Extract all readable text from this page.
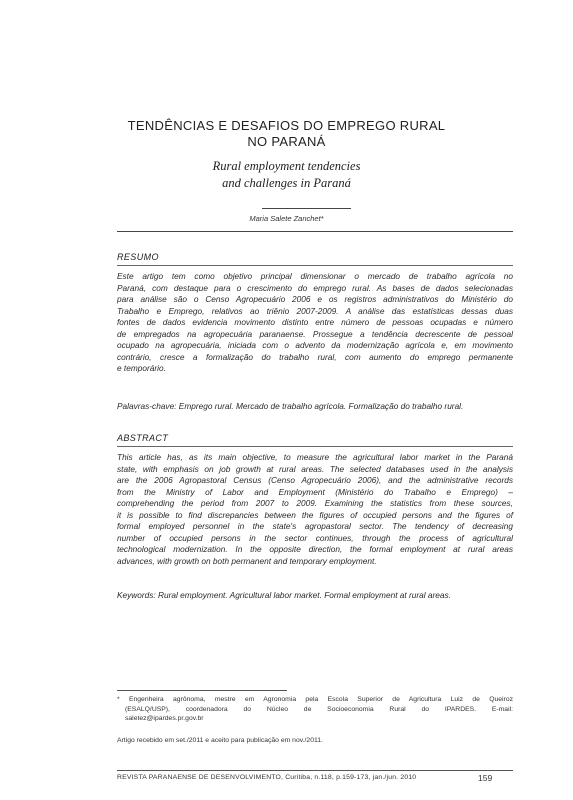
TENDÊNCIAS E DESAFIOS DO EMPREGO RURAL
NO PARANÁ
Rural employment tendencies
and challenges in Paraná
Maria Salete Zanchet*
RESUMO
Este artigo tem como objetivo principal dimensionar o mercado de trabalho agrícola no
Paraná, com destaque para o crescimento do emprego rural. As bases de dados selecionadas
para análise são o Censo Agropecuário 2006 e os registros administrativos do Ministério do
Trabalho e Emprego, relativos ao triênio 2007-2009. A análise das estatísticas dessas duas
fontes de dados evidencia movimento distinto entre número de pessoas ocupadas e número
de empregados na agropecuária paranaense. Prossegue a tendência decrescente de pessoal
ocupado na agropecuária, iniciada com o advento da modernização agrícola e, em movimento
contrário, cresce a formalização do trabalho rural, com aumento do emprego permanente
e temporário.
Palavras-chave: Emprego rural. Mercado de trabalho agrícola. Formalização do trabalho rural.
ABSTRACT
This article has, as its main objective, to measure the agricultural labor market in the Paraná
state, with emphasis on job growth at rural areas. The selected databases used in the analysis
are the 2006 Agropastoral Census (Censo Agropecuário 2006), and the administrative records
from the Ministry of Labor and Employment (Ministério do Trabalho e Emprego) –
comprehending the period from 2007 to 2009. Examining the statistics from these sources,
it is possible to find discrepancies between the figures of occupied persons and the figures of
formal employed personnel in the state's agropastoral sector. The tendency of decreasing
number of occupied persons in the sector continues, through the process of agricultural
technological modernization. In the opposite direction, the formal employment at rural areas
advances, with growth on both permanent and temporary employment.
Keywords: Rural employment. Agricultural labor market. Formal employment at rural areas.
* Engenheira agrônoma, mestre em Agronomia pela Escola Superior de Agricultura Luiz de Queiroz
(ESALQ/USP), coordenadora do Núcleo de Socioeconomia Rural do IPARDES. E-mail:
saletez@ipardes.pr.gov.br
Artigo recebido em set./2011 e aceito para publicação em nov./2011.
REVISTA PARANAENSE DE DESENVOLVIMENTO, Curitiba, n.118, p.159-173, jan./jun. 2010	159
